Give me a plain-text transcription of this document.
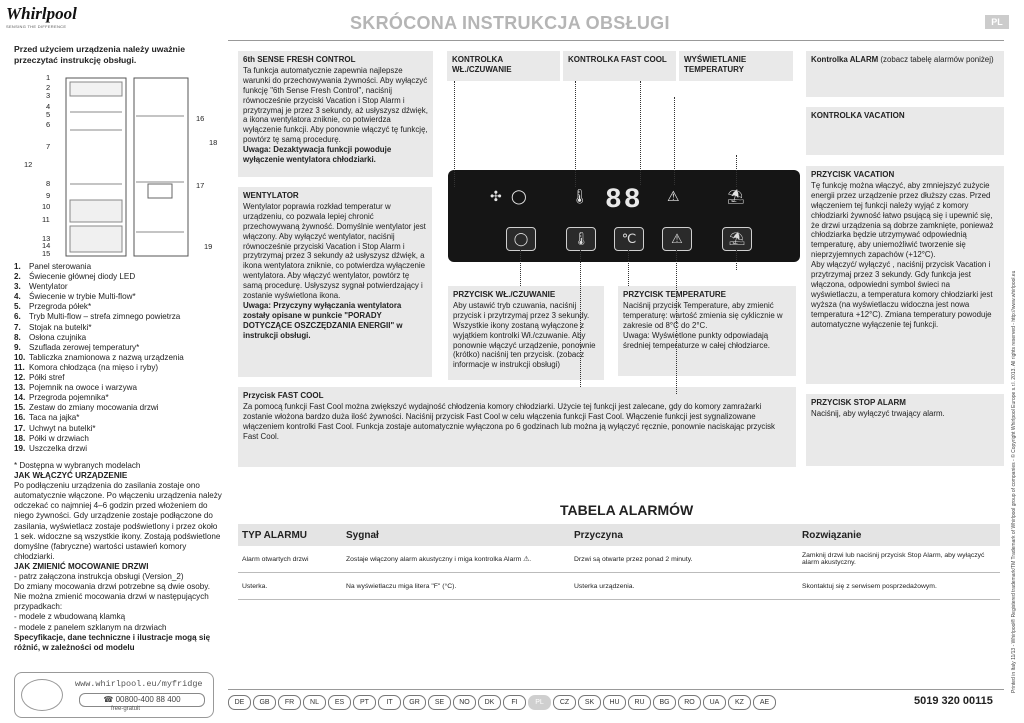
Whirlpool
SENSING THE DIFFERENCE	SKRÓCONA INSTRUKCJA OBSŁUGI	PL
Przed użyciem urządzenia należy uważnie przeczytać instrukcję obsługi.
1
2
3
4
5
6
7
8
9
10
11
12
13
14
15
16
17
18
19
1. Panel sterowania
2. Świecenie głównej diody LED
3. Wentylator
4. Świecenie w trybie Multi-flow*
5. Przegroda półek*
6. Tryb Multi-flow – strefa zimnego powietrza
7. Stojak na butelki*
8. Osłona czujnika
9. Szuflada zerowej temperatury*
10. Tabliczka znamionowa z nazwą urządzenia
11. Komora chłodząca (na mięso i ryby)
12. Półki stref
13. Pojemnik na owoce i warzywa
14. Przegroda pojemnika*
15. Zestaw do zmiany mocowania drzwi
16. Taca na jajka*
17. Uchwyt na butelki*
18. Półki w drzwiach
19. Uszczelka drzwi
* Dostępna w wybranych modelach
JAK WŁĄCZYĆ URZĄDZENIE
Po podłączeniu urządzenia do zasilania zostaje ono automatycznie włączone. Po włączeniu urządzenia należy odczekać co najmniej 4–6 godzin przed włożeniem do niego żywności. Gdy urządzenie zostaje podłączone do zasilania, wyświetlacz zostaje podświetlony i przez około 1 sek. widoczne są wszystkie ikony. Zostają podświetlone domyślne (fabryczne) wartości ustawień komory chłodziarki.
JAK ZMIENIĆ MOCOWANIE DRZWI
- patrz załączona instrukcja obsługi (Version_2)
Do zmiany mocowania drzwi potrzebne są dwie osoby.
Nie można zmienić mocowania drzwi w następujących przypadkach:
- modele z wbudowaną klamką
- modele z panelem szklanym na drzwiach
Specyfikacje, dane techniczne i ilustracje mogą się różnić, w zależności od modelu
www.whirlpool.eu/myfridge
☎ 00800-400 88 400
free-gratuit
6th SENSE FRESH CONTROL
Ta funkcja automatycznie zapewnia najlepsze warunki do przechowywania żywności. Aby wyłączyć funkcję "6th Sense Fresh Control", naciśnij równocześnie przyciski Vacation i Stop Alarm i przytrzymaj je przez 3 sekundy, aż usłyszysz dźwięk, a ikona wentylatora zniknie, co potwierdza wyłączenie funkcji. Aby ponownie włączyć tę funkcję, powtórz tę samą procedurę.
Uwaga: Dezaktywacja funkcji powoduje wyłączenie wentylatora chłodziarki.
KONTROLKA WŁ./CZUWANIE
KONTROLKA FAST COOL	WYŚWIETLANIE TEMPERATURY
Kontrolka ALARM (zobacz tabelę alarmów poniżej)
KONTROLKA VACATION
WENTYLATOR
Wentylator poprawia rozkład temperatur w urządzeniu, co pozwala lepiej chronić przechowywaną żywność. Domyślnie wentylator jest włączony. Aby wyłączyć wentylator, naciśnij równocześnie przyciski Vacation i Stop Alarm i przytrzymaj przez 3 sekundy aż usłyszysz dźwięk, a ikona wentylatora zniknie, co potwierdza wyłączenie wentylatora. Aby włączyć wentylator, powtórz tę samą procedurę. Usłyszysz sygnał potwierdzający i zostanie wyświetlona ikona.
Uwaga: Przyczyny wyłączania wentylatora zostały opisane w punkcie "PORADY DOTYCZĄCE OSZCZĘDZANIA ENERGII" w instrukcji obsługi.
PRZYCISK VACATION
Tę funkcję można włączyć, aby zmniejszyć zużycie energii przez urządzenie przez dłuższy czas. Przed włączeniem tej funkcji należy wyjąć z komory chłodziarki żywność łatwo psującą się i upewnić się, że drzwi urządzenia są dobrze zamknięte, ponieważ chłodziarka będzie utrzymywać odpowiednią temperaturę, aby uniemożliwić tworzenie się nieprzyjemnych zapachów (+12°C).
Aby włączyć/ wyłączyć , naciśnij przycisk Vacation i przytrzymaj przez 3 sekundy. Gdy funkcja jest włączona, odpowiedni symbol świeci na wyświetlaczu, a temperatura komory chłodziarki jest wyższa (na wyświetlaczu widoczna jest nowa temperatura +12°C). Zmiana temperatury powoduje automatyczne wyłączenie tej funkcji.
PRZYCISK WŁ./CZUWANIE
Aby ustawić tryb czuwania, naciśnij przycisk i przytrzymaj przez 3 sekundy. Wszystkie ikony zostaną wyłączone z wyjątkiem kontrolki Wł./czuwanie. Aby ponownie włączyć urządzenie, ponownie (krótko) naciśnij ten przycisk. (zobacz informacje w instrukcji obsługi)
PRZYCISK TEMPERATURE
Naciśnij przycisk Temperature, aby zmienić temperaturę: wartość zmienia się cyklicznie w zakresie od 8°C do 2°C.
Uwaga: Wyświetlone punkty odpowiadają średniej temperaturze w całej chłodziarce.
Przycisk FAST COOL
Za pomocą funkcji Fast Cool można zwiększyć wydajność chłodzenia komory chłodziarki. Użycie tej funkcji jest zalecane, gdy do komory zamrażarki zostanie włożona bardzo duża ilość żywności. Naciśnij przycisk Fast Cool w celu włączenia funkcji Fast Cool. Włączenie funkcji jest sygnalizowane włączeniem kontrolki Fast Cool. Funkcja zostaje automatycznie wyłączona po 6 godzinach lub można ją wyłączyć ręcznie, ponownie naciskając przycisk Fast Cool.
PRZYCISK STOP ALARM
Naciśnij, aby wyłączyć trwający alarm.
✣ ◯	🌡 88 ⚠	⛱
◯	🌡	℃	⚠	⛱
TABELA ALARMÓW
TYP ALARMU	Sygnał	Przyczyna	Rozwiązanie
Alarm otwartych drzwi	Zostaje włączony alarm akustyczny i miga kontrolka Alarm ⚠.	Drzwi są otwarte przez ponad 2 minuty.	Zamknij drzwi lub naciśnij przycisk Stop Alarm, aby wyłączyć alarm akustyczny.
Usterka.	Na wyświetlaczu miga litera "F" (°C).	Usterka urządzenia.	Skontaktuj się z serwisem posprzedażowym.
DE	GB	FR	NL	ES	PT	IT	GR	SE	NO	DK	FI	PL	CZ	SK	HU	RU	BG	RO	UA	KZ	AE	5019 320 00115
Printed in Italy 11/13 - Whirlpool® Registered trademark/TM Trademark of Whirlpool group of companies - © Copyright Whirlpool Europe s.r.l. 2013. All rights reserved - http://www.whirlpool.eu
